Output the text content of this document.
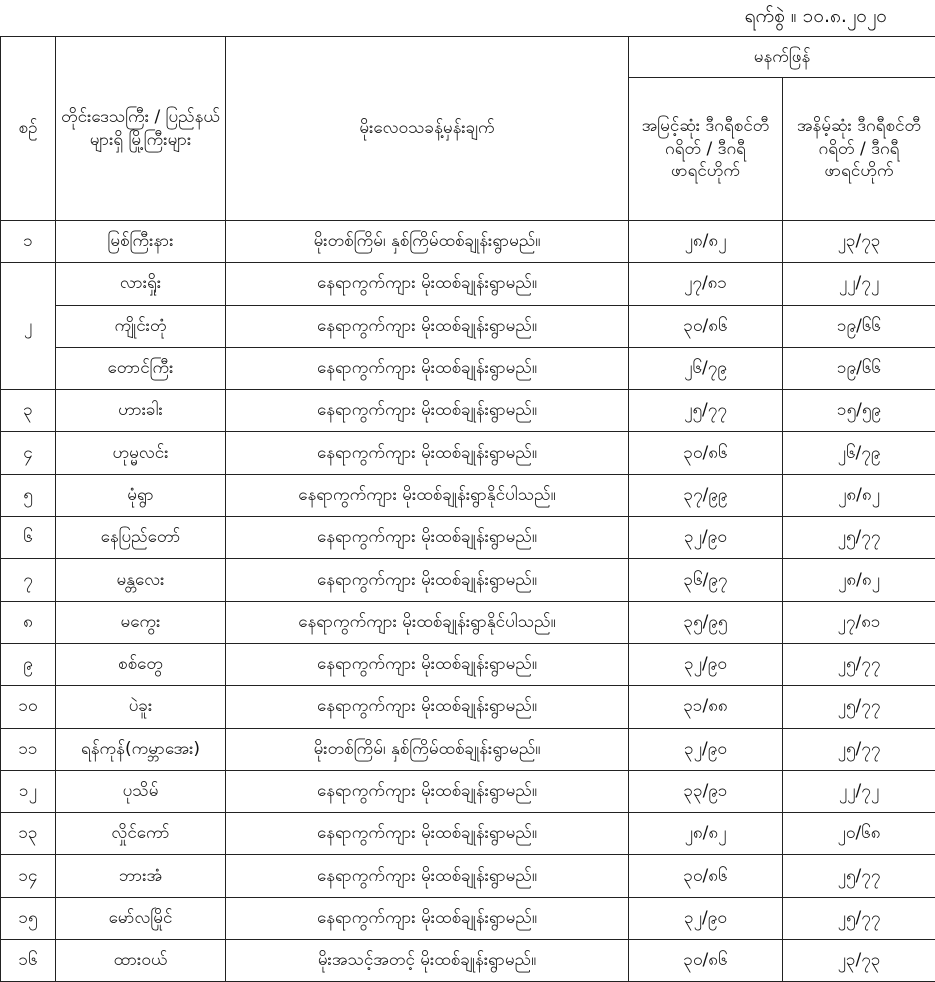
ရက်စွဲ ။ ၁၀.၈.၂၀၂၀
စဉ်	တိုင်းဒေသကြီး / ပြည်နယ်များရှိ မြို့ကြီးများ	မိုးလေဝသခန့်မှန်းချက်	မနက်ဖြန်	
			အမြင့်ဆုံး ဒီဂရီစင်တီဂရိတ် / ဒီဂရီဖာရင်ဟိုက်	အနိမ့်ဆုံး ဒီဂရီစင်တီဂရိတ် / ဒီဂရီဖာရင်ဟိုက်
၁	မြစ်ကြီးနား	မိုးတစ်ကြိမ်၊ နှစ်ကြိမ်ထစ်ချုန်းရွာမည်။	၂၈/၈၂	၂၃/၇၃
၂	လားရှိုး	နေရာကွက်ကျား မိုးထစ်ချုန်းရွာမည်။	၂၇/၈၁	၂၂/၇၂
	ကျိုင်းတုံ	နေရာကွက်ကျား မိုးထစ်ချုန်းရွာမည်။	၃၀/၈၆	၁၉/၆၆
	တောင်ကြီး	နေရာကွက်ကျား မိုးထစ်ချုန်းရွာမည်။	၂၆/၇၉	၁၉/၆၆
၃	ဟားခါး	နေရာကွက်ကျား မိုးထစ်ချုန်းရွာမည်။	၂၅/၇၇	၁၅/၅၉
၄	ဟုမ္မလင်း	နေရာကွက်ကျား မိုးထစ်ချုန်းရွာမည်။	၃၀/၈၆	၂၆/၇၉
၅	မုံရွာ	နေရာကွက်ကျား မိုးထစ်ချုန်းရွာနိုင်ပါသည်။	၃၇/၉၉	၂၈/၈၂
၆	နေပြည်တော်	နေရာကွက်ကျား မိုးထစ်ချုန်းရွာမည်။	၃၂/၉၀	၂၅/၇၇
၇	မန္တလေး	နေရာကွက်ကျား မိုးထစ်ချုန်းရွာမည်။	၃၆/၉၇	၂၈/၈၂
၈	မကွေး	နေရာကွက်ကျား မိုးထစ်ချုန်းရွာနိုင်ပါသည်။	၃၅/၉၅	၂၇/၈၁
၉	စစ်တွေ	နေရာကွက်ကျား မိုးထစ်ချုန်းရွာမည်။	၃၂/၉၀	၂၅/၇၇
၁၀	ပဲခူး	နေရာကွက်ကျား မိုးထစ်ချုန်းရွာမည်။	၃၁/၈၈	၂၅/၇၇
၁၁	ရန်ကုန်(ကမ္ဘာအေး)	မိုးတစ်ကြိမ်၊ နှစ်ကြိမ်ထစ်ချုန်းရွာမည်။	၃၂/၉၀	၂၅/၇၇
၁၂	ပုသိမ်	နေရာကွက်ကျား မိုးထစ်ချုန်းရွာမည်။	၃၃/၉၁	၂၂/၇၂
၁၃	လှိုင်ကော်	နေရာကွက်ကျား မိုးထစ်ချုန်းရွာမည်။	၂၈/၈၂	၂၀/၆၈
၁၄	ဘားအံ	နေရာကွက်ကျား မိုးထစ်ချုန်းရွာမည်။	၃၀/၈၆	၂၅/၇၇
၁၅	မော်လမြိုင်	နေရာကွက်ကျား မိုးထစ်ချုန်းရွာမည်။	၃၂/၉၀	၂၅/၇၇
၁၆	ထားဝယ်	မိုးအသင့်အတင့် မိုးထစ်ချုန်းရွာမည်။	၃၀/၈၆	၂၃/၇၃
